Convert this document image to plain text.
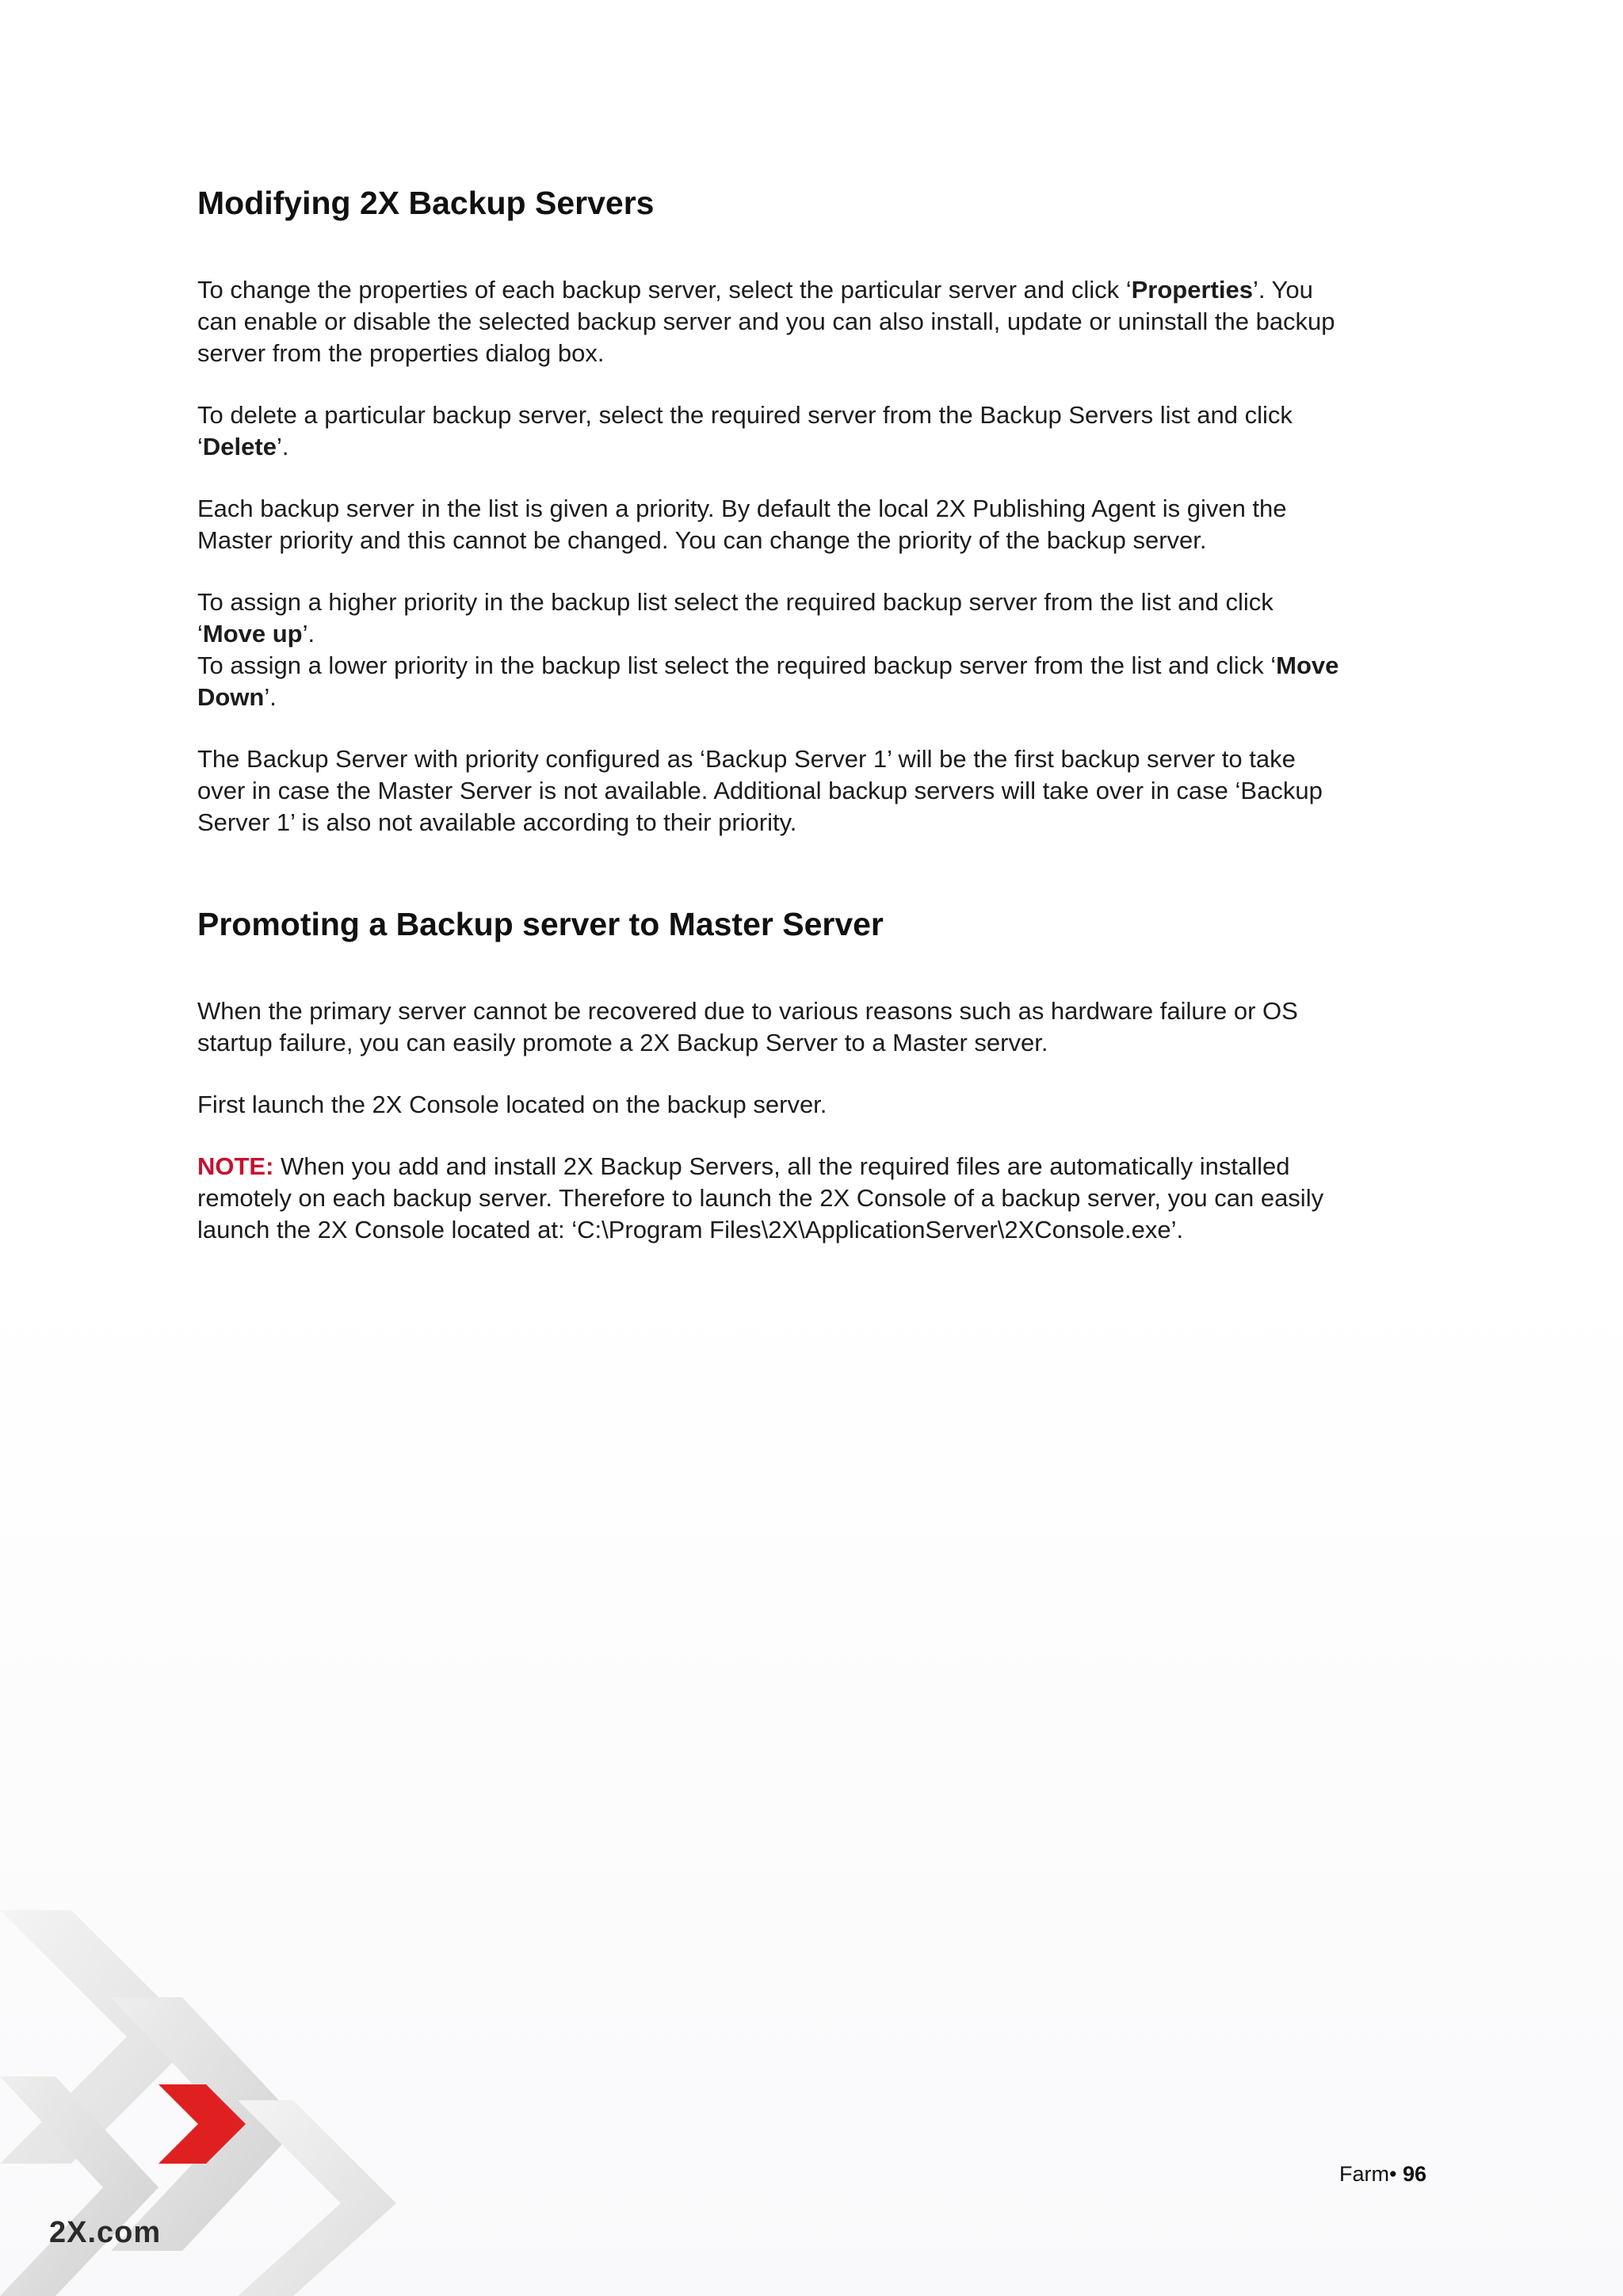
Modifying 2X Backup Servers

To change the properties of each backup server, select the particular server and click ‘Properties’. You can enable or disable the selected backup server and you can also install, update or uninstall the backup server from the properties dialog box.

To delete a particular backup server, select the required server from the Backup Servers list and click ‘Delete’.

Each backup server in the list is given a priority. By default the local 2X Publishing Agent is given the Master priority and this cannot be changed. You can change the priority of the backup server.

To assign a higher priority in the backup list select the required backup server from the list and click ‘Move up’.
To assign a lower priority in the backup list select the required backup server from the list and click ‘Move Down’.

The Backup Server with priority configured as ‘Backup Server 1’ will be the first backup server to take over in case the Master Server is not available. Additional backup servers will take over in case ‘Backup Server 1’ is also not available according to their priority.

Promoting a Backup server to Master Server

When the primary server cannot be recovered due to various reasons such as hardware failure or OS startup failure, you can easily promote a 2X Backup Server to a Master server.

First launch the 2X Console located on the backup server.

NOTE: When you add and install 2X Backup Servers, all the required files are automatically installed remotely on each backup server. Therefore to launch the 2X Console of a backup server, you can easily launch the 2X Console located at: ‘C:\Program Files\2X\ApplicationServer\2XConsole.exe’.

2X.com
Farm• 96
